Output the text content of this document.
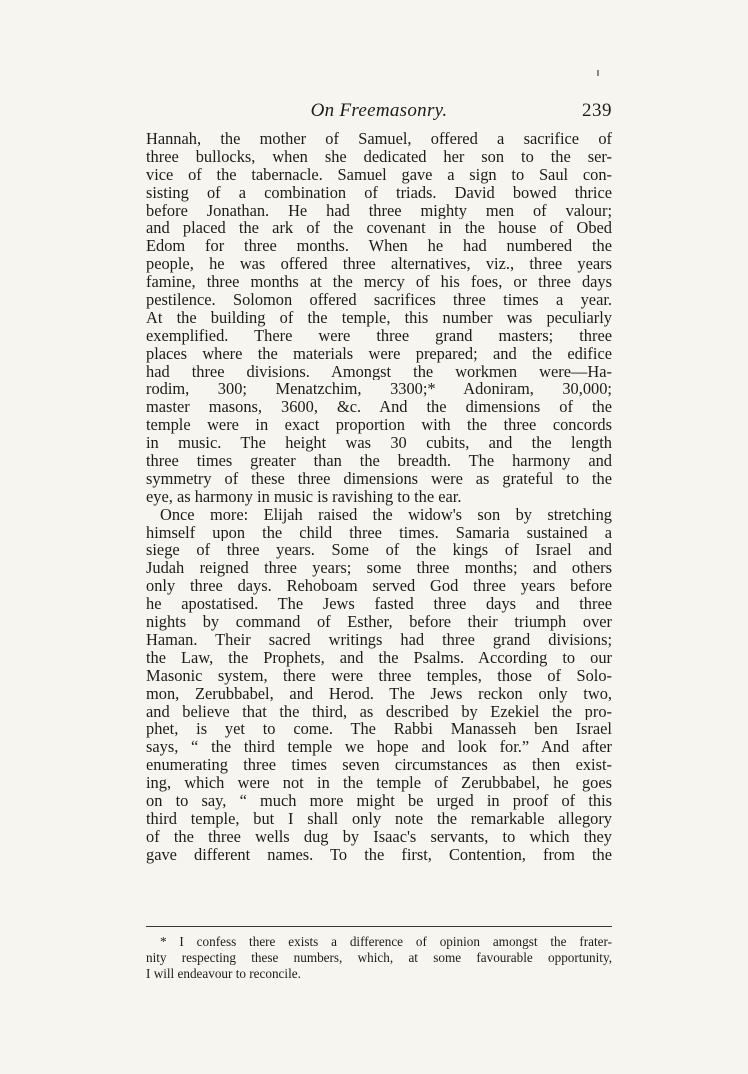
On Freemasonry.	239
Hannah, the mother of Samuel, offered a sacrifice of
three bullocks, when she dedicated her son to the ser-
vice of the tabernacle. Samuel gave a sign to Saul con-
sisting of a combination of triads. David bowed thrice
before Jonathan. He had three mighty men of valour;
and placed the ark of the covenant in the house of Obed
Edom for three months. When he had numbered the
people, he was offered three alternatives, viz., three years
famine, three months at the mercy of his foes, or three days
pestilence. Solomon offered sacrifices three times a year.
At the building of the temple, this number was peculiarly
exemplified. There were three grand masters; three
places where the materials were prepared; and the edifice
had three divisions. Amongst the workmen were—Ha-
rodim, 300; Menatzchim, 3300;* Adoniram, 30,000;
master masons, 3600, &c. And the dimensions of the
temple were in exact proportion with the three concords
in music. The height was 30 cubits, and the length
three times greater than the breadth. The harmony and
symmetry of these three dimensions were as grateful to the
eye, as harmony in music is ravishing to the ear.
Once more: Elijah raised the widow's son by stretching
himself upon the child three times. Samaria sustained a
siege of three years. Some of the kings of Israel and
Judah reigned three years; some three months; and others
only three days. Rehoboam served God three years before
he apostatised. The Jews fasted three days and three
nights by command of Esther, before their triumph over
Haman. Their sacred writings had three grand divisions;
the Law, the Prophets, and the Psalms. According to our
Masonic system, there were three temples, those of Solo-
mon, Zerubbabel, and Herod. The Jews reckon only two,
and believe that the third, as described by Ezekiel the pro-
phet, is yet to come. The Rabbi Manasseh ben Israel
says, “ the third temple we hope and look for.” And after
enumerating three times seven circumstances as then exist-
ing, which were not in the temple of Zerubbabel, he goes
on to say, “ much more might be urged in proof of this
third temple, but I shall only note the remarkable allegory
of the three wells dug by Isaac's servants, to which they
gave different names. To the first, Contention, from the
* I confess there exists a difference of opinion amongst the frater-
nity respecting these numbers, which, at some favourable opportunity,
I will endeavour to reconcile.
